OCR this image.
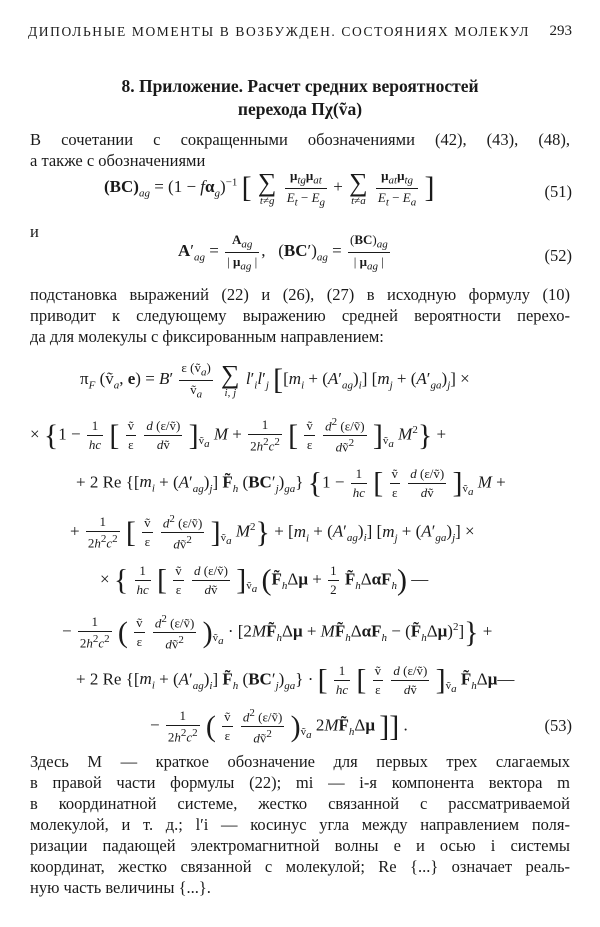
ДИПОЛЬНЫЕ МОМЕНТЫ В ВОЗБУЖДЕН. СОСТОЯНИЯХ МОЛЕКУЛ 293
8. Приложение. Расчет средних вероятностей
перехода Πχ(ṽa)
В сочетании с сокращенными обозначениями (42), (43), (48),
а также с обозначениями
$(BC)_{ag} = (1 - f\alpha_g)^{-1}$ [ ∑
$t\ne g \frac{\mu_{tg}\mu_{at}}{E_t - E_g}$ + ∑
$t\ne a \frac{\mu_{at}\mu_{tg}}{E_t - E_a}$ ]	(51)
и
$A'_{ag} = \frac{A_{ag}}{| \mu_{ag} |}$ ,   $(BC')_{ag} = \frac{(BC)_{ag}}{| \mu_{ag} |}$	(52)
подстановка выражений (22) и (26), (27) в исходную формулу (10)
приводит к следующему выражению средней вероятности перехо-
да для молекулы с фиксированным направлением:
$\pi_F$ (ṽ$_a$, $e) = B' \frac{\varepsilon (ṽ_a)}{ṽ_a}$
∑
i, j $l'_il'_j$ [$[m_i + (A'_{ag})_i] [m_j + (A'_{ga})_j]$ ×
× {$1 - \frac{1}{hc}$ [ $\frac{\text{ṽ}}{\varepsilon}$
$\frac{\text{d (ε/ṽ)}}{\text{dṽ}} ]_{ṽ_a}$ $M + \frac{1}{2h^2c^2}$ [ $\frac{\text{ṽ}}{\varepsilon}$
$\frac{d^2 (\varepsilon/ṽ)}{dṽ^2} ]_{ṽ_a}$ $M^2$} +
+ 2 Re {$[m_i + (A'_{ag})_j]$ $F̃_h$ $(BC'_j)_{ga}$} {$1 - \frac{1}{hc}$ [ $\frac{\text{ṽ}}{\varepsilon}$
$\frac{\text{d (ε/ṽ)}}{\text{dṽ}} ]_{ṽ_a}$ M +
+ $\frac{1}{2h^2c^2}$ [ $\frac{\text{ṽ}}{\varepsilon}$
$\frac{d^2 (\varepsilon/ṽ)}{dṽ^2} ]_{ṽ_a}$ $M^2\} + [m_i + (A'_{ag})_i] [m_j + (A'_{ga})_j]$ ×
× { $\frac{1}{hc}$ [ $\frac{\text{ṽ}}{\varepsilon}$
$\frac{\text{d (ε/ṽ)}}{\text{dṽ}} ]_{ṽ_a}$ ($F̃_h\Delta\mu + \frac{1}{2}$ $F̃_h\Delta\alpha F_h$) —
− $\frac{1}{2h^2c^2}$ ( $\frac{\text{ṽ}}{\varepsilon}$
$\frac{d^2 (\varepsilon/ṽ)}{dṽ^2} )_{ṽ_a}$ · [$2MF̃_h\Delta\mu$ + $MF̃_h\Delta\alpha F_h$ − $(F̃_h\Delta\mu)^2$]} +
+ 2 Re {$[m_i + (A'_{ag})_i]$ $F̃_h$ $(BC'_j)_{ga}$} · [ $\frac{1}{hc}$ [ $\frac{\text{ṽ}}{\varepsilon}$
$\frac{\text{d (ε/ṽ)}}{\text{dṽ}} ]_{ṽ_a}$ $F̃_h\Delta\mu—$
− $\frac{1}{2h^2c^2}$ ( $\frac{\text{ṽ}}{\varepsilon}$
$\frac{d^2 (\varepsilon/ṽ)}{dṽ^2} )_{ṽ_a}$ $2MF̃_h\Delta\mu$ ]] .	(53)
Здесь M — краткое обозначение для первых трех слагаемых
в правой части формулы (22); mi — i-я компонента вектора m
в координатной системе, жестко связанной с рассматриваемой
молекулой, и т. д.; l′i — косинус угла между направлением поля-
ризации падающей электромагнитной волны e и осью i системы
координат, жестко связанной с молекулой; Re {...} означает реаль-
ную часть величины {...}.
